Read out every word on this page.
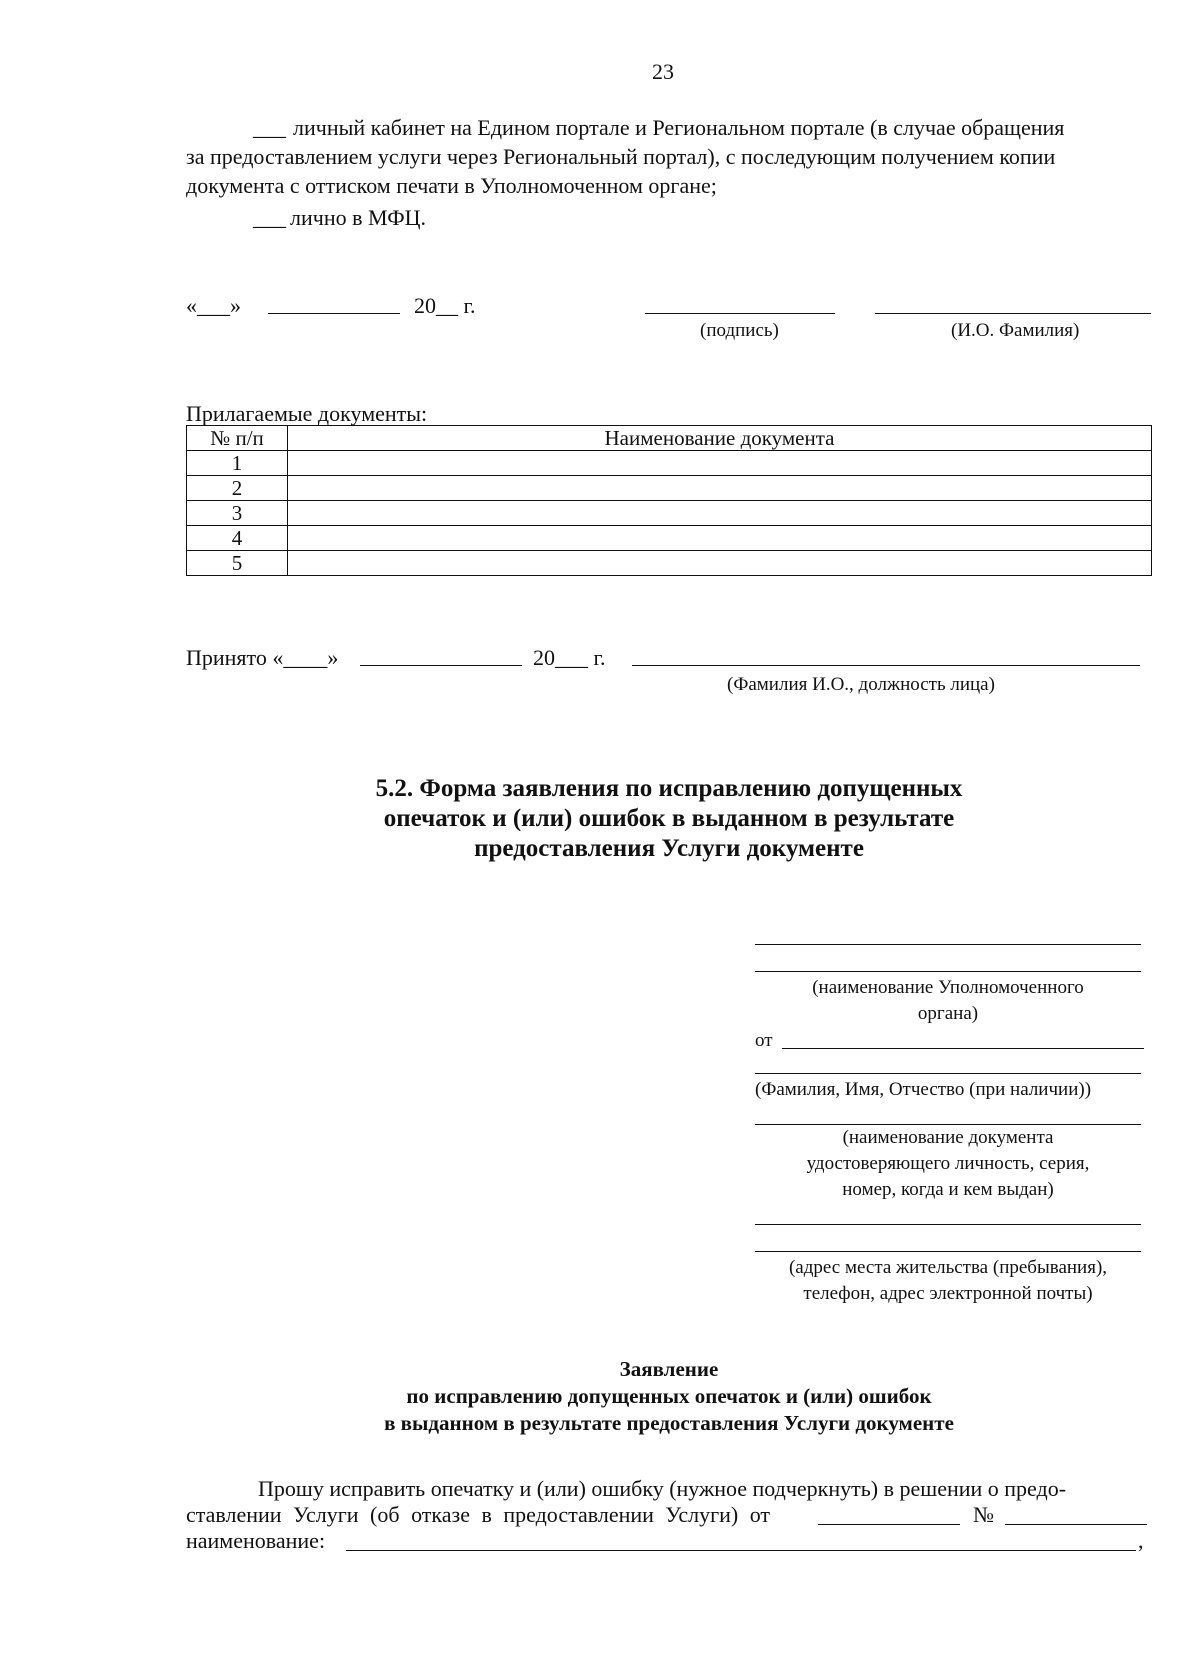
23
___ личный кабинет на Едином портале и Региональном портале (в случае обращения
за предоставлением услуги через Региональный портал), с последующим получением копии
документа с оттиском печати в Уполномоченном органе;
___ лично в МФЦ.
«___»	20__ г.
(подпись)	(И.О. Фамилия)
Прилагаемые документы:
№ п/п	Наименование документа
1	
2	
3	
4	
5	
Принято «____»	20___ г.
(Фамилия И.О., должность лица)
5.2. Форма заявления по исправлению допущенных
опечаток и (или) ошибок в выданном в результате
предоставления Услуги документе
(наименование Уполномоченного
органа)
от
(Фамилия, Имя, Отчество (при наличии))
(наименование документа
удостоверяющего личность, серия,
номер, когда и кем выдан)
(адрес места жительства (пребывания),
телефон, адрес электронной почты)
Заявление
по исправлению допущенных опечаток и (или) ошибок
в выданном в результате предоставления Услуги документе
Прошу исправить опечатку и (или) ошибку (нужное подчеркнуть) в решении о предо-
ставлении Услуги (об отказе в предоставлении Услуги) от	№
наименование:	,
